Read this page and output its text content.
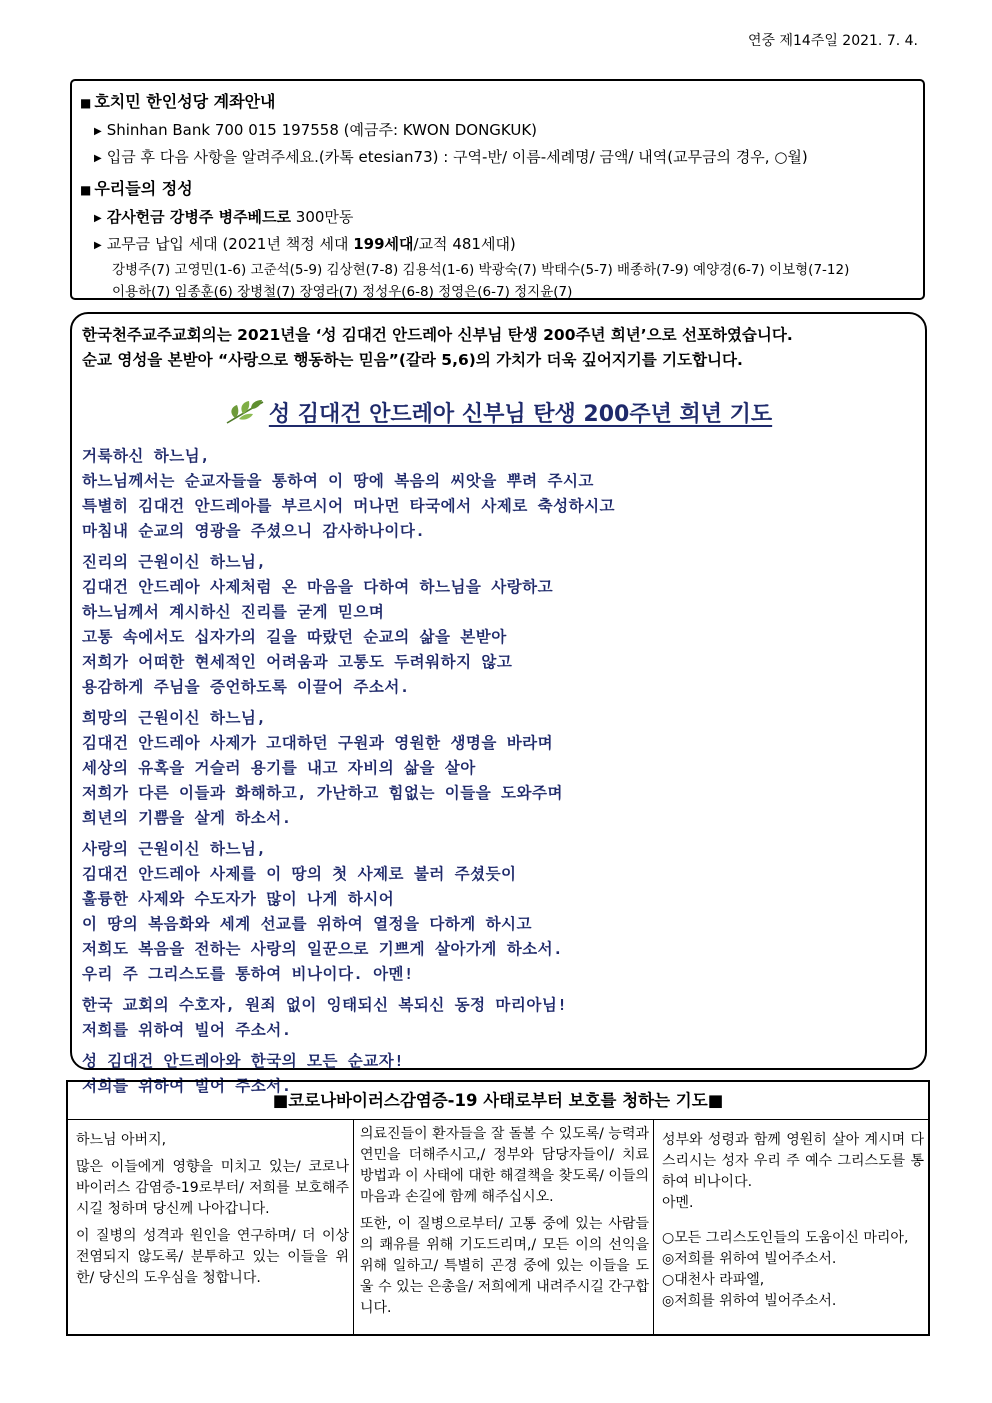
연중 제14주일 2021. 7. 4.
■ 호치민 한인성당 계좌안내
▶ Shinhan Bank 700 015 197558 (예금주: KWON DONGKUK)
▶ 입금 후 다음 사항을 알려주세요.(카톡 etesian73) : 구역-반/ 이름-세례명/ 금액/ 내역(교무금의 경우, ○월)
■ 우리들의 정성
▶ 감사헌금 강병주 병주베드로 300만동
▶ 교무금 납입 세대 (2021년 책정 세대 199세대/교적 481세대)
강병주(7) 고영민(1-6) 고준석(5-9) 김상현(7-8) 김용석(1-6) 박광숙(7) 박태수(5-7) 배종하(7-9) 예양경(6-7) 이보형(7-12)
이용하(7) 임종훈(6) 장병철(7) 장영라(7) 정성우(6-8) 정영은(6-7) 정지윤(7)
한국천주교주교회의는 2021년을 ‘성 김대건 안드레아 신부님 탄생 200주년 희년’으로 선포하였습니다.
순교 영성을 본받아 “사랑으로 행동하는 믿음”(갈라 5,6)의 가치가 더욱 깊어지기를 기도합니다.
성 김대건 안드레아 신부님 탄생 200주년 희년 기도
거룩하신 하느님,
하느님께서는 순교자들을 통하여 이 땅에 복음의 씨앗을 뿌려 주시고
특별히 김대건 안드레아를 부르시어 머나먼 타국에서 사제로 축성하시고
마침내 순교의 영광을 주셨으니 감사하나이다.
진리의 근원이신 하느님,
김대건 안드레아 사제처럼 온 마음을 다하여 하느님을 사랑하고
하느님께서 계시하신 진리를 굳게 믿으며
고통 속에서도 십자가의 길을 따랐던 순교의 삶을 본받아
저희가 어떠한 현세적인 어려움과 고통도 두려워하지 않고
용감하게 주님을 증언하도록 이끌어 주소서.
희망의 근원이신 하느님,
김대건 안드레아 사제가 고대하던 구원과 영원한 생명을 바라며
세상의 유혹을 거슬러 용기를 내고 자비의 삶을 살아
저희가 다른 이들과 화해하고, 가난하고 힘없는 이들을 도와주며
희년의 기쁨을 살게 하소서.
사랑의 근원이신 하느님,
김대건 안드레아 사제를 이 땅의 첫 사제로 불러 주셨듯이
훌륭한 사제와 수도자가 많이 나게 하시어
이 땅의 복음화와 세계 선교를 위하여 열정을 다하게 하시고
저희도 복음을 전하는 사랑의 일꾼으로 기쁘게 살아가게 하소서.
우리 주 그리스도를 통하여 비나이다. 아멘!
한국 교회의 수호자, 원죄 없이 잉태되신 복되신 동정 마리아님!
저희를 위하여 빌어 주소서.
성 김대건 안드레아와 한국의 모든 순교자!
저희를 위하여 빌어 주소서.
■코로나바이러스감염증-19 사태로부터 보호를 청하는 기도■

하느님 아버지,

많은 이들에게 영향을 미치고 있는/ 코로나 바이러스 감염증-19로부터/ 저희를 보호해주시길 청하며 당신께 나아갑니다.

이 질병의 성격과 원인을 연구하며/ 더 이상 전염되지 않도록/ 분투하고 있는 이들을 위한/ 당신의 도우심을 청합니다.

의료진들이 환자들을 잘 돌볼 수 있도록/ 능력과 연민을 더해주시고,/ 정부와 담당자들이/ 치료 방법과 이 사태에 대한 해결책을 찾도록/ 이들의 마음과 손길에 함께 해주십시오.

또한, 이 질병으로부터/ 고통 중에 있는 사람들의 쾌유를 위해 기도드리며,/ 모든 이의 선익을 위해 일하고/ 특별히 곤경 중에 있는 이들을 도울 수 있는 은총을/ 저희에게 내려주시길 간구합니다.

성부와 성령과 함께 영원히 살아 계시며 다스리시는 성자 우리 주 예수 그리스도를 통하여 비나이다.

아멘.

○모든 그리스도인들의 도움이신 마리아,

◎저희를 위하여 빌어주소서.

○대천사 라파엘,

◎저희를 위하여 빌어주소서.
